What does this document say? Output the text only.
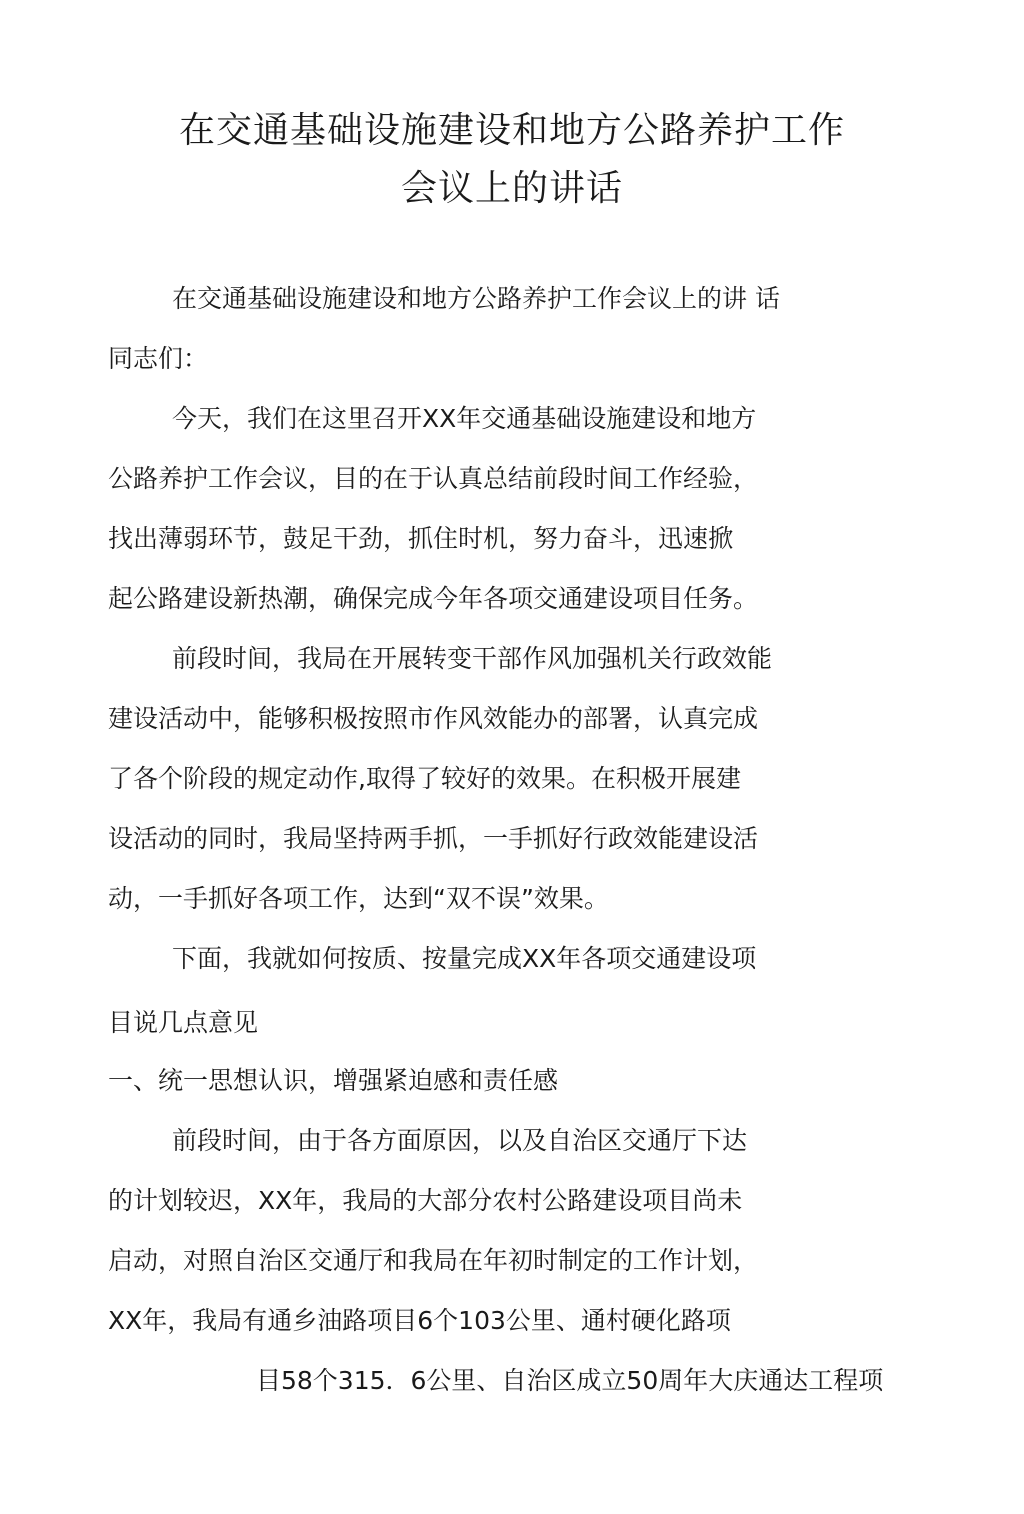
在交通基础设施建设和地方公路养护工作
会议上的讲话
在交通基础设施建设和地方公路养护工作会议上的讲 话
同志们：
今天，我们在这里召开XX年交通基础设施建设和地方
公路养护工作会议，目的在于认真总结前段时间工作经验，
找出薄弱环节，鼓足干劲，抓住时机，努力奋斗，迅速掀
起公路建设新热潮，确保完成今年各项交通建设项目任务。
前段时间，我局在开展转变干部作风加强机关行政效能
建设活动中，能够积极按照市作风效能办的部署，认真完成
了各个阶段的规定动作,取得了较好的效果。在积极开展建
设活动的同时，我局坚持两手抓，一手抓好行政效能建设活
动，一手抓好各项工作，达到“双不误”效果。
下面，我就如何按质、按量完成XX年各项交通建设项
目说几点意见
一、统一思想认识，增强紧迫感和责任感
前段时间，由于各方面原因，以及自治区交通厅下达
的计划较迟，XX年，我局的大部分农村公路建设项目尚未
启动，对照自治区交通厅和我局在年初时制定的工作计划，
XX年，我局有通乡油路项目6个103公里、通村硬化路项
目58个315．6公里、自治区成立50周年大庆通达工程项
